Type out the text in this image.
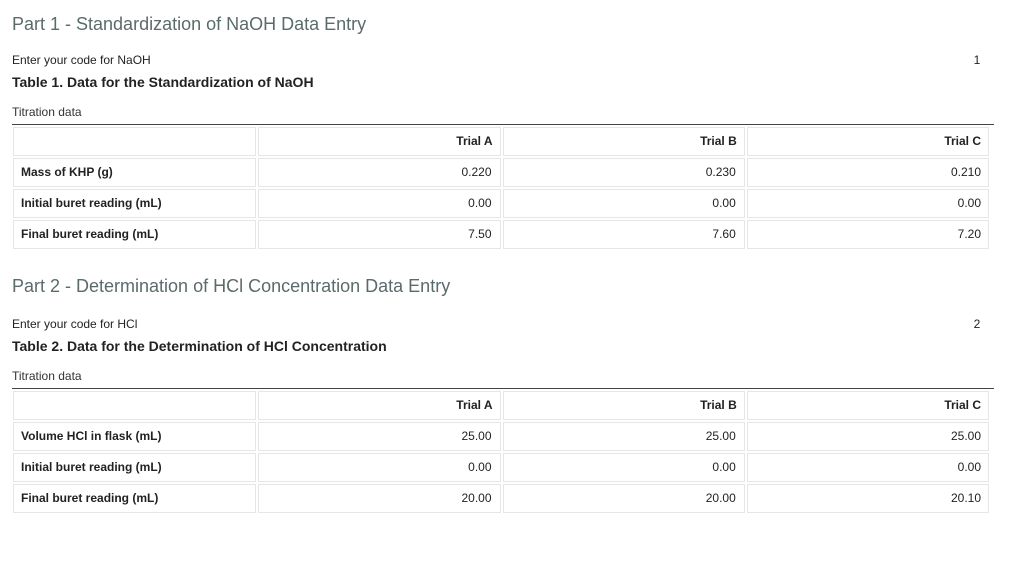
Part 1 - Standardization of NaOH Data Entry
Enter your code for NaOH	1
Table 1. Data for the Standardization of NaOH
Titration data
	Trial A	Trial B	Trial C
Mass of KHP (g)	0.220	0.230	0.210
Initial buret reading (mL)	0.00	0.00	0.00
Final buret reading (mL)	7.50	7.60	7.20
Part 2 - Determination of HCl Concentration Data Entry
Enter your code for HCl	2
Table 2. Data for the Determination of HCl Concentration
Titration data
	Trial A	Trial B	Trial C
Volume HCl in flask (mL)	25.00	25.00	25.00
Initial buret reading (mL)	0.00	0.00	0.00
Final buret reading (mL)	20.00	20.00	20.10
